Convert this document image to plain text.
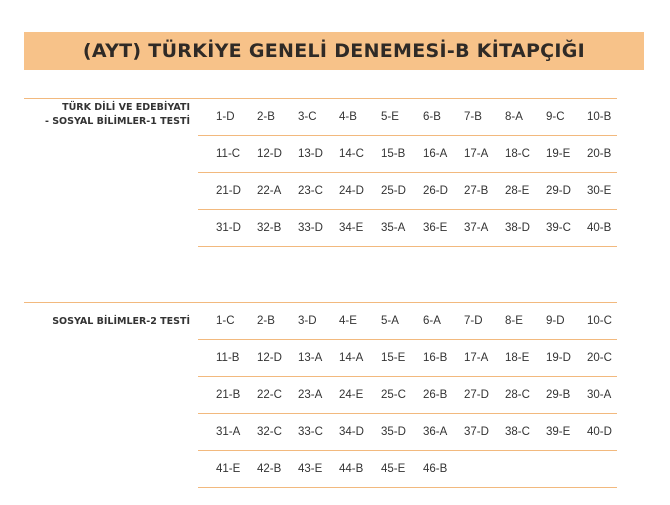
(AYT) TÜRKİYE GENELİ DENEMESİ-B KİTAPÇIĞI
TÜRK DİLİ VE EDEBİYATI
- SOSYAL BİLİMLER-1 TESTİ 1-D 2-B 3-C 4-B 5-E 6-B 7-B 8-A 9-C 10-B
11-C 12-D 13-D 14-C 15-B 16-A 17-A 18-C 19-E 20-B
21-D 22-A 23-C 24-D 25-D 26-D 27-B 28-E 29-D 30-E
31-D 32-B 33-D 34-E 35-A 36-E 37-A 38-D 39-C 40-B
SOSYAL BİLİMLER-2 TESTİ 1-C 2-B 3-D 4-E 5-A 6-A 7-D 8-E 9-D 10-C
11-B 12-D 13-A 14-A 15-E 16-B 17-A 18-E 19-D 20-C
21-B 22-C 23-A 24-E 25-C 26-B 27-D 28-C 29-B 30-A
31-A 32-C 33-C 34-D 35-D 36-A 37-D 38-C 39-E 40-D
41-E 42-B 43-E 44-B 45-E 46-B
